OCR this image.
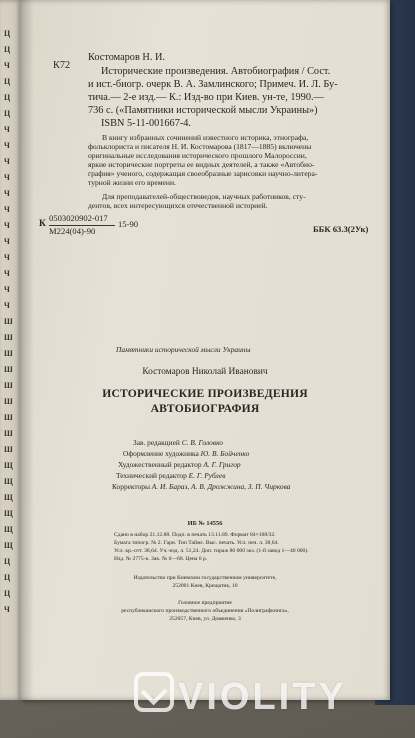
Ц
Ц
Ч
Ц
Ц
Ц
Ч
Ч
Ч
Ч
Ч
Ч
Ч
Ч
Ч
Ч
Ч
Ч
Ш
Ш
Ш
Ш
Ш
Ш
Ш
Ш
Ш
Щ
Щ
Щ
Щ
Щ
Щ
Ц
Ц
Ц
Ч
К72
Костомаров Н. И.
Исторические произведения. Автобиография / Сост.
и ист.-биогр. очерк В. А. Замлинского; Примеч. И. Л. Бу-
тича.— 2-е изд.— К.: Изд-во при Киев. ун-те, 1990.—
736 с. («Памятники исторической мысли Украины»)
ISBN 5-11-001667-4.
В книгу избранных сочинений известного историка, этнографа,
фольклориста и писателя Н. И. Костомарова (1817—1885) включены
оригинальные исследования исторического прошлого Малороссии,
яркие исторические портреты ее видных деятелей, а также «Автобио-
графия» ученого, содержащая своеобразные зарисовки научно-литера-
турной жизни его времени.
Для преподавателей-обществоведов, научных работников, сту-
дентов, всех интересующихся отечественной историей.
К
0503020902-017
М224(04)-90
15-90	ББК 63.3(2Ук)
Памятники исторической мысли Украины
Костомаров Николай Иванович
ИСТОРИЧЕСКИЕ ПРОИЗВЕДЕНИЯ
АВТОБИОГРАФИЯ
Зав. редакцией С. В. Головко
Оформление художника Ю. В. Бойченко
Художественный редактор А. Г. Григор
Технический редактор Е. Г. Рублев
Корректоры А. И. Бараз, А. В. Дрожжина, З. П. Чиркова
ИБ № 14556
Сдано в набор 21.12.88. Подп. в печать 13.11.89. Формат 84×108/32.
Бумага типогр. № 2. Гарн. Тип Таймс. Выс. печать. Усл. печ. л. 38,64.
Усл. кр.-отт. 38,64. Уч.-изд. л. 51,24. Доп. тираж 80 000 экз. (1-й завод 1—40 000).
Изд. № 2775-к. Зак. № 0—68. Цена 6 р.
Издательство при Киевском государственном университете,
252001 Киев, Крещатик, 10
Головное предприятие
республиканского производственного объединения «Полиграфкнига»,
252057, Киев, ул. Довженко, 3
VIOLITY
